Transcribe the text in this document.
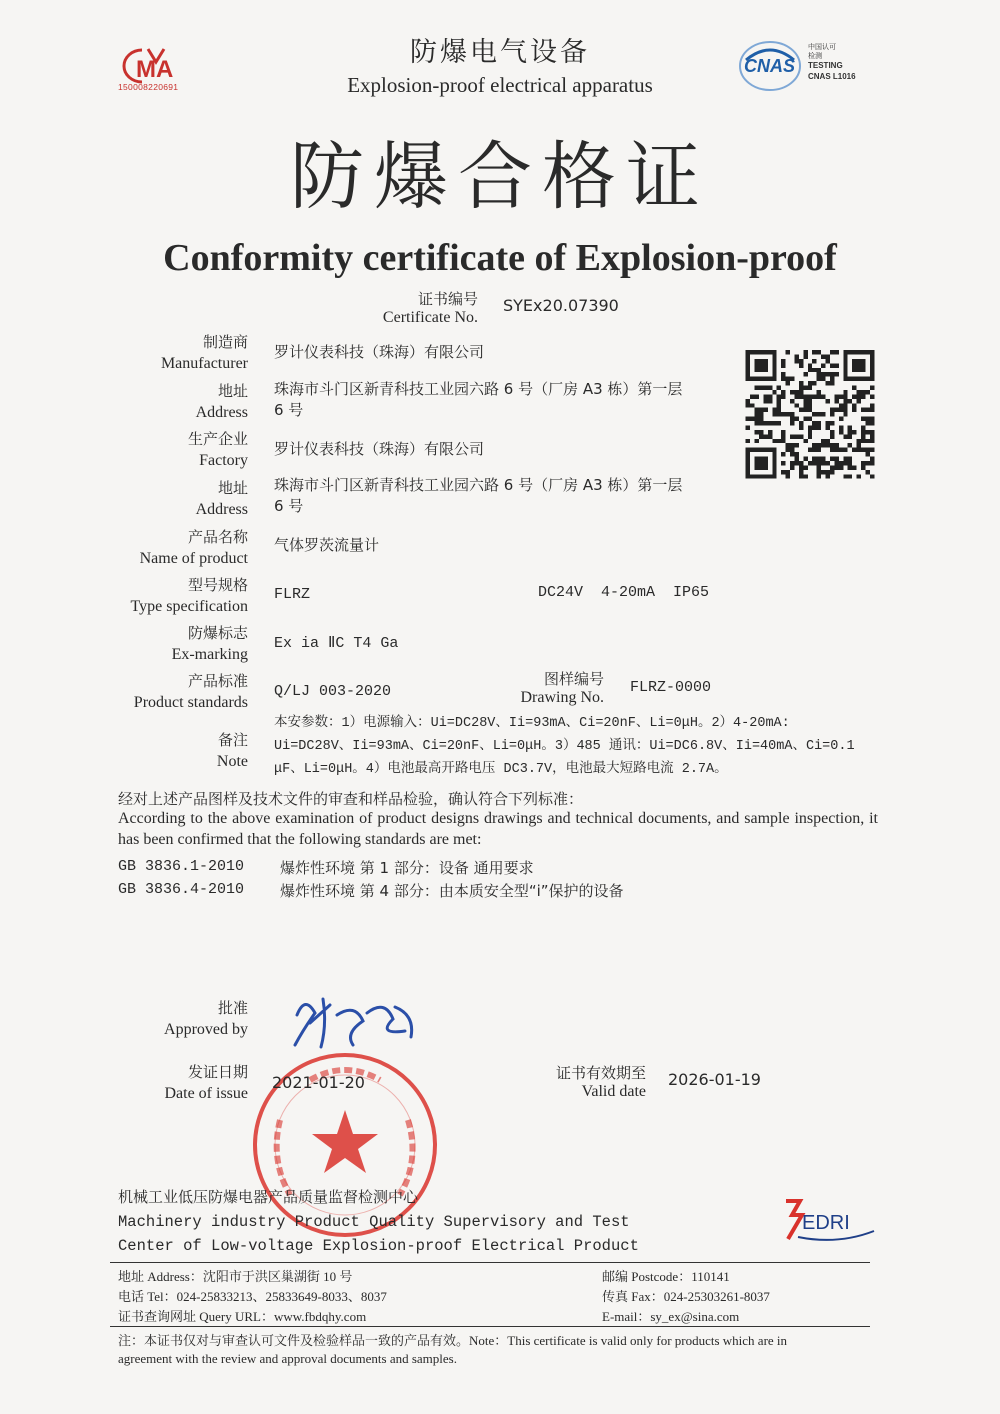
MA
150008220691
防爆电气设备
Explosion-proof electrical apparatus
CNAS
中国认可
检测
TESTING
CNAS L1016
防爆合格证
Conformity certificate of Explosion-proof
证书编号
Certificate No.
SYEx20.07390
制造商
Manufacturer
罗计仪表科技（珠海）有限公司
地址
Address
珠海市斗门区新青科技工业园六路 6 号（厂房 A3 栋）第一层
6 号
生产企业
Factory
罗计仪表科技（珠海）有限公司
地址
Address
珠海市斗门区新青科技工业园六路 6 号（厂房 A3 栋）第一层
6 号
产品名称
Name of product
气体罗茨流量计
型号规格
Type specification
FLRZ	DC24V  4-20mA  IP65
防爆标志
Ex-marking
Ex ia ⅡC T4 Ga
产品标准
Product standards
Q/LJ 003-2020
图样编号
Drawing No.
FLRZ-0000
备注
Note
本安参数：1）电源输入：Ui=DC28V、Ii=93mA、Ci=20nF、Li=0μH。2）4-20mA:
Ui=DC28V、Ii=93mA、Ci=20nF、Li=0μH。3）485 通讯：Ui=DC6.8V、Ii=40mA、Ci=0.1
μF、Li=0μH。4）电池最高开路电压 DC3.7V，电池最大短路电流 2.7A。
经对上述产品图样及技术文件的审查和样品检验，确认符合下列标准：
According to the above examination of product designs drawings and technical documents, and sample inspection, it has been confirmed that the following standards are met:
GB 3836.1-2010 爆炸性环境 第 1 部分：设备 通用要求
GB 3836.4-2010 爆炸性环境 第 4 部分：由本质安全型“i”保护的设备
批准
Approved by
发证日期
Date of issue
2021-01-20	证书有效期至
Valid date
2026-01-19
机械工业低压防爆电器产品质量监督检测中心
Machinery industry Product Quality Supervisory and Test
Center of Low-voltage Explosion-proof Electrical Product
EDRI
地址 Address：沈阳市于洪区巢湖街 10 号
电话 Tel：024-25833213、25833649-8033、8037
证书查询网址 Query URL：www.fbdqhy.com
邮编 Postcode：110141
传真 Fax：024-25303261-8037
E-mail：sy_ex@sina.com
注：本证书仅对与审查认可文件及检验样品一致的产品有效。Note：This certificate is valid only for products which are in
agreement with the review and approval documents and samples.
